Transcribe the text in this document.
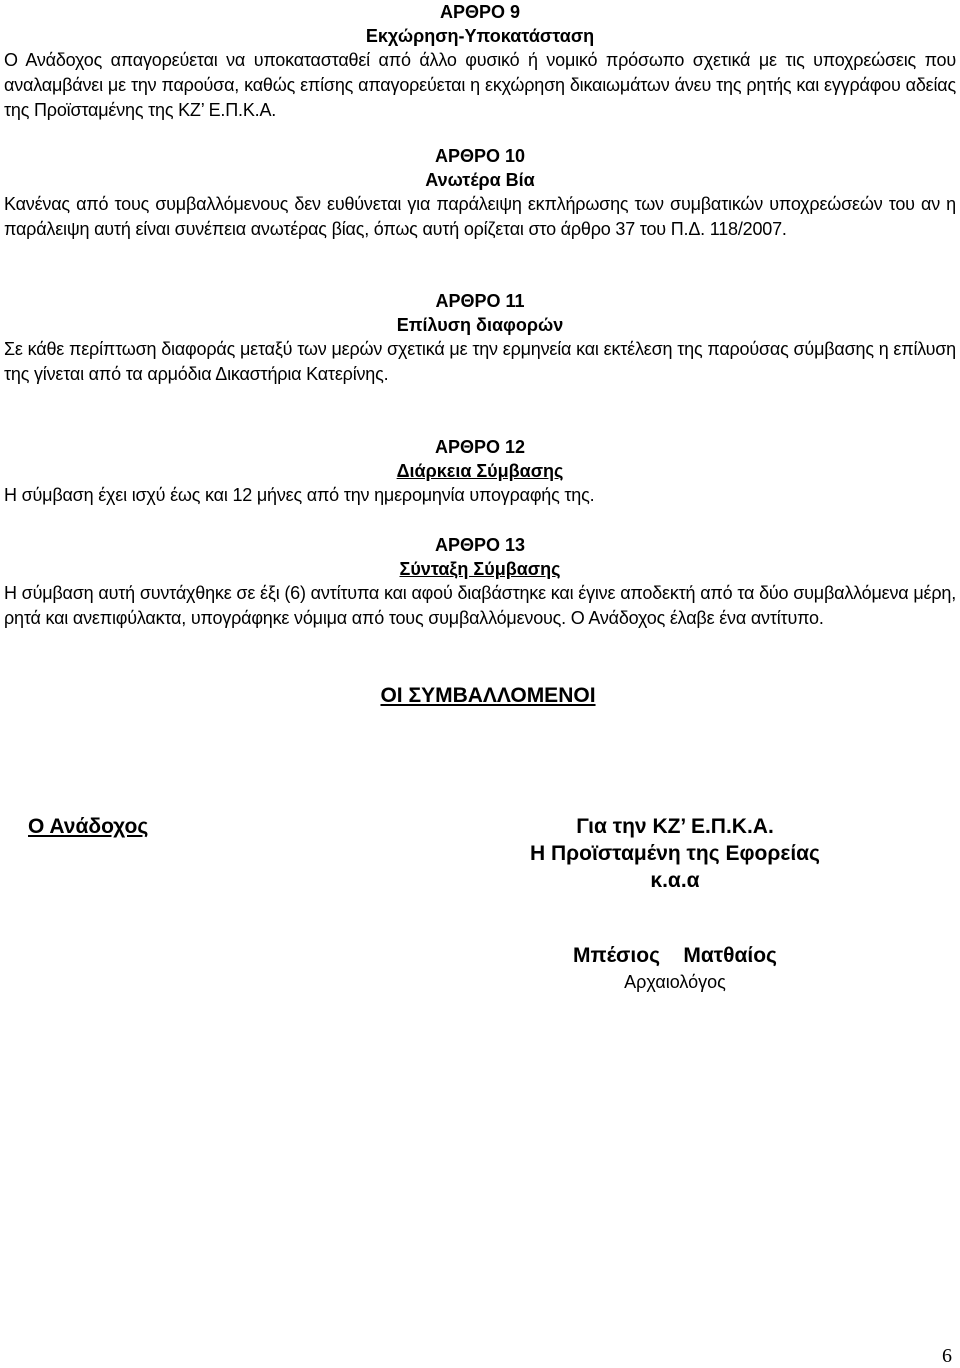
ΑΡΘΡΟ 9
Εκχώρηση-Υποκατάσταση

Ο Ανάδοχος απαγορεύεται να υποκατασταθεί από άλλο φυσικό ή νομικό πρόσωπο σχετικά με τις υποχρεώσεις που αναλαμβάνει με την παρούσα, καθώς επίσης απαγορεύεται η εκχώρηση δικαιωμάτων άνευ της ρητής και εγγράφου αδείας της Προϊσταμένης της ΚΖ’ Ε.Π.Κ.Α.

ΑΡΘΡΟ 10
Ανωτέρα Βία

Κανένας από τους συμβαλλόμενους δεν ευθύνεται για παράλειψη εκπλήρωσης των συμβατικών υποχρεώσεών του αν η παράλειψη αυτή είναι συνέπεια ανωτέρας βίας, όπως αυτή ορίζεται στο άρθρο 37 του Π.Δ. 118/2007.

ΑΡΘΡΟ 11
Επίλυση διαφορών

Σε κάθε περίπτωση διαφοράς μεταξύ των μερών σχετικά με την ερμηνεία και εκτέλεση της παρούσας σύμβασης η επίλυση της γίνεται από τα αρμόδια Δικαστήρια Κατερίνης.

ΑΡΘΡΟ 12
Διάρκεια Σύμβασης

Η σύμβαση έχει ισχύ έως και 12 μήνες από την ημερομηνία υπογραφής της.

ΑΡΘΡΟ 13
Σύνταξη Σύμβασης

Η σύμβαση αυτή συντάχθηκε σε έξι (6) αντίτυπα και αφού διαβάστηκε και έγινε αποδεκτή από τα δύο συμβαλλόμενα μέρη, ρητά και ανεπιφύλακτα, υπογράφηκε νόμιμα από τους συμβαλλόμενους. Ο Ανάδοχος έλαβε ένα αντίτυπο.

ΟΙ ΣΥΜΒΑΛΛΟΜΕΝΟΙ
Ο Ανάδοχος	Για την ΚΖ’ Ε.Π.Κ.Α.
Η Προϊσταμένη της Εφορείας
κ.α.α
Μπέσιος    Ματθαίος
Αρχαιολόγος
6
